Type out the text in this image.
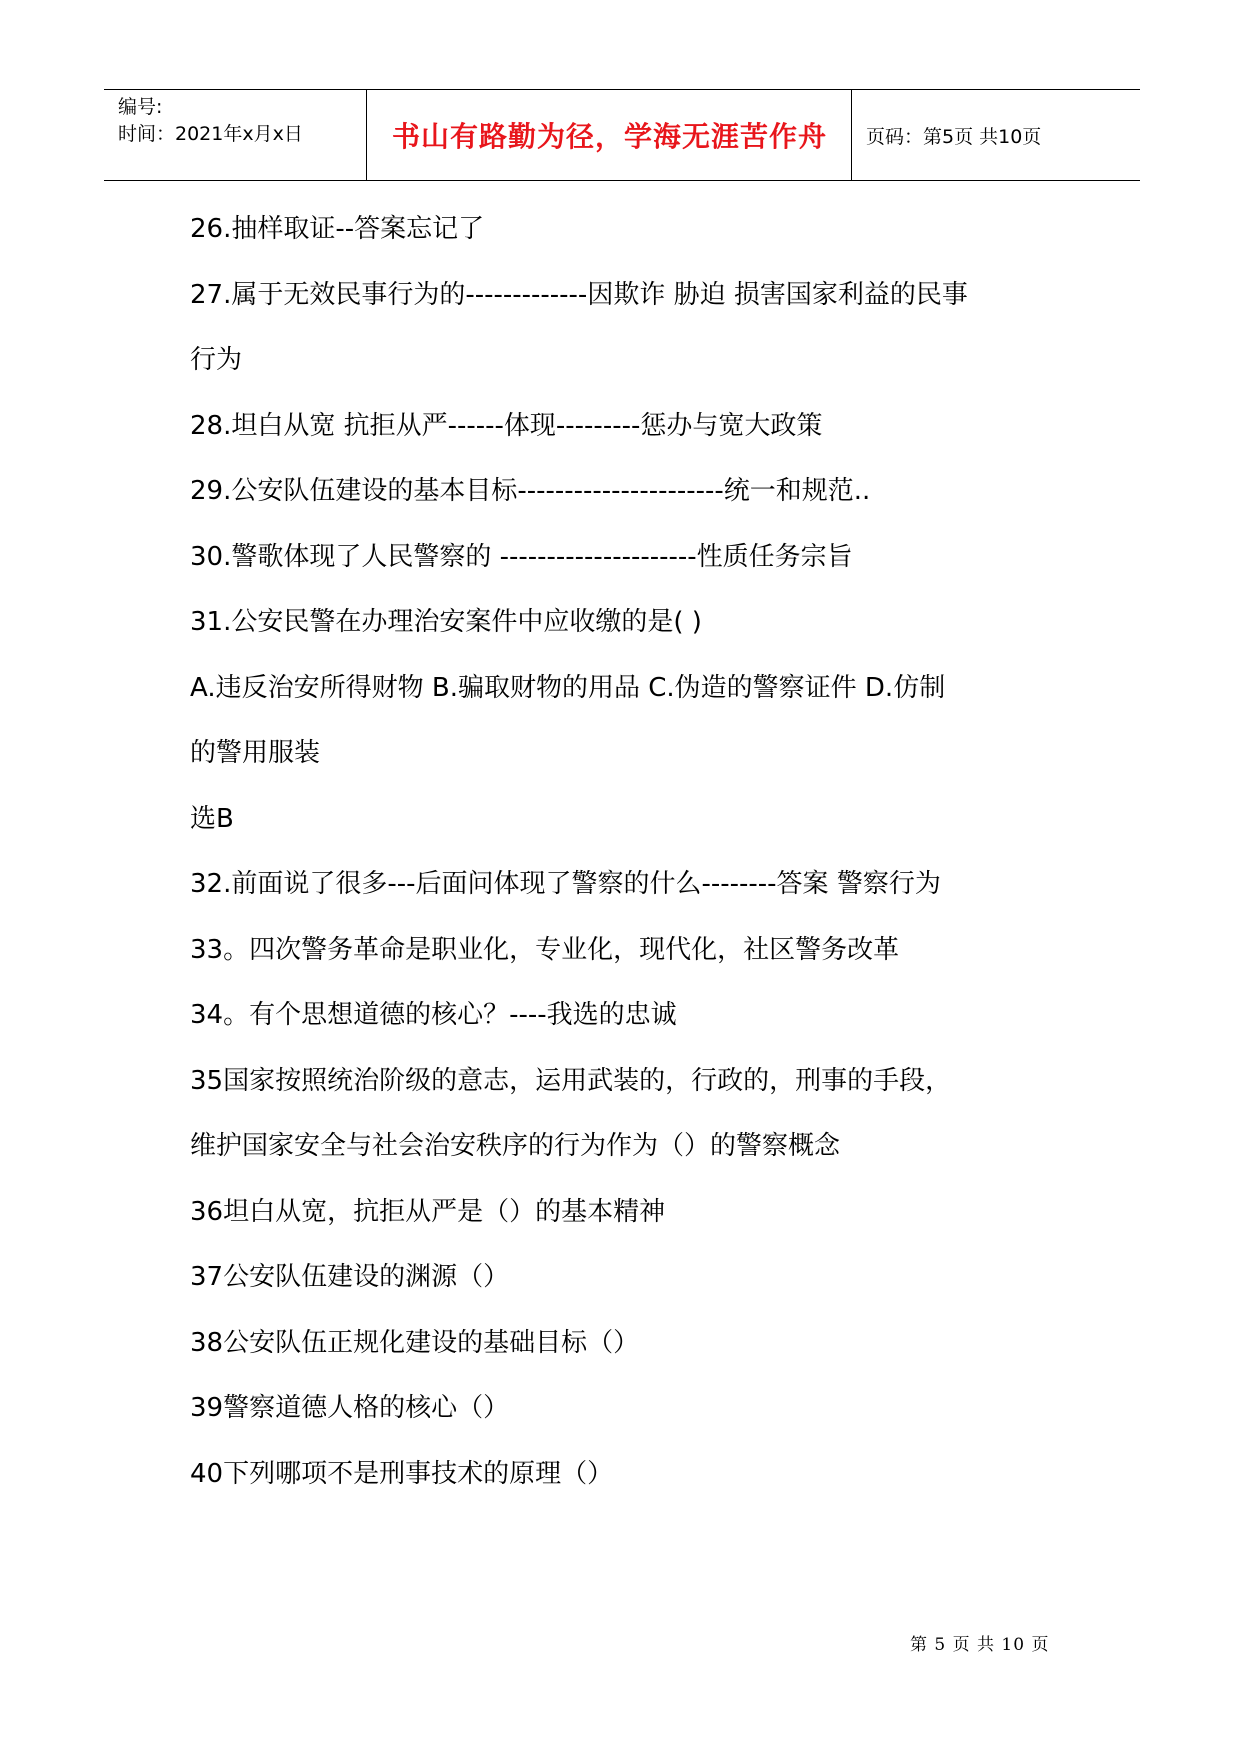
编号:
时间：2021年x月x日	书山有路勤为径，学海无涯苦作舟	页码：第5页 共10页
26.抽样取证--答案忘记了
27.属于无效民事行为的-------------因欺诈 胁迫 损害国家利益的民事
行为
28.坦白从宽 抗拒从严------体现---------惩办与宽大政策
29.公安队伍建设的基本目标----------------------统一和规范..
30.警歌体现了人民警察的 ---------------------性质任务宗旨
31.公安民警在办理治安案件中应收缴的是( )
A.违反治安所得财物 B.骗取财物的用品 C.伪造的警察证件 D.仿制
的警用服装
选B
32.前面说了很多---后面问体现了警察的什么--------答案 警察行为
33。四次警务革命是职业化，专业化，现代化，社区警务改革
34。有个思想道德的核心？----我选的忠诚
35国家按照统治阶级的意志，运用武装的，行政的，刑事的手段，
维护国家安全与社会治安秩序的行为作为（）的警察概念
36坦白从宽，抗拒从严是（）的基本精神
37公安队伍建设的渊源（）
38公安队伍正规化建设的基础目标（）
39警察道德人格的核心（）
40下列哪项不是刑事技术的原理（）
第 5 页 共 10 页
